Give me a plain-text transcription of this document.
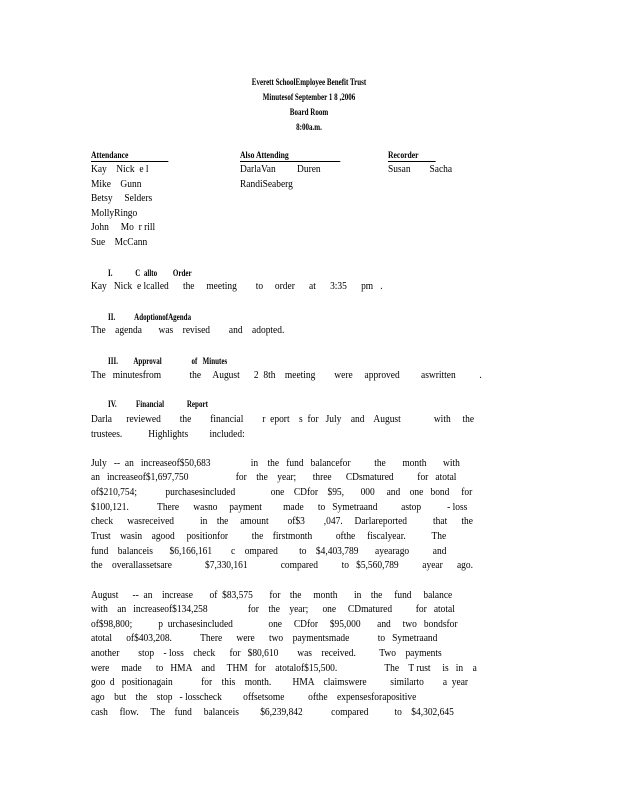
Everett SchoolEmployee Benefit Trust
Minutesof September 1 8 ,2006
Board Room
8:00a.m.
Attendance	Also Attending	Recorder
Kay    Nick  e l
Mike    Gunn
Betsy     Selders
MollyRingo
John     Mo  r rill
Sue    McCann
DarlaVan         Duren
RandiSeaberg
Susan        Sacha
I.             C  allto         Order
Kay   Nick  e lcalled      the     meeting        to     order      at      3:35      pm   .
II.           AdoptionofAgenda
The    agenda       was    revised        and    adopted.
III.         Approval                 of   Minutes
The   minutesfrom            the     August      2  8th    meeting        were     approved         aswritten          .
IV.           Financial             Report
Darla      reviewed        the        financial        r  eport    s  for   July    and    August              with     the
trustees.           Highlights         included:
July   --  an   increaseof$50,683                 in    the   fund   balancefor          the       month       with
an   increaseof$1,697,750                    for    the    year;       three      CDsmatured          for   atotal
of$210,754;            purchasesincluded               one    CDfor    $95,       000     and    one   bond     for
$100,121.            There      wasno     payment         made      to   Symetraand          astop           - loss
check      wasreceived           in    the     amount        of$3        ,047.     Darlareported           that      the
Trust    wasin    agood     positionfor          the    firstmonth          ofthe     fiscalyear.           The
fund    balanceis       $6,166,161        c    ompared         to    $4,403,789       ayearago          and
the    overallassetsare              $7,330,161              compared          to   $5,560,789          ayear      ago.
August      --  an    increase       of  $83,575       for    the     month       in    the     fund     balance
with    an   increaseof$134,258                 for    the    year;      one     CDmatured          for   atotal
of$98,800;           p  urchasesincluded               one     CDfor     $95,000       and     two   bondsfor
atotal      of$403,208.            There      were      two    paymentsmade            to   Symetraand
another        stop    - loss    check      for   $80,610        was    received.          Two    payments
were     made      to   HMA    and     THM   for    atotalof$15,500.                    The    T rust     is   in    a
goo  d   positionagain            for    this    month.         HMA    claimswere          similarto        a  year
ago    but    the    stop   - losscheck         offsetsome          ofthe    expensesforapositive
cash     flow.     The    fund     balanceis         $6,239,842            compared           to    $4,302,645
